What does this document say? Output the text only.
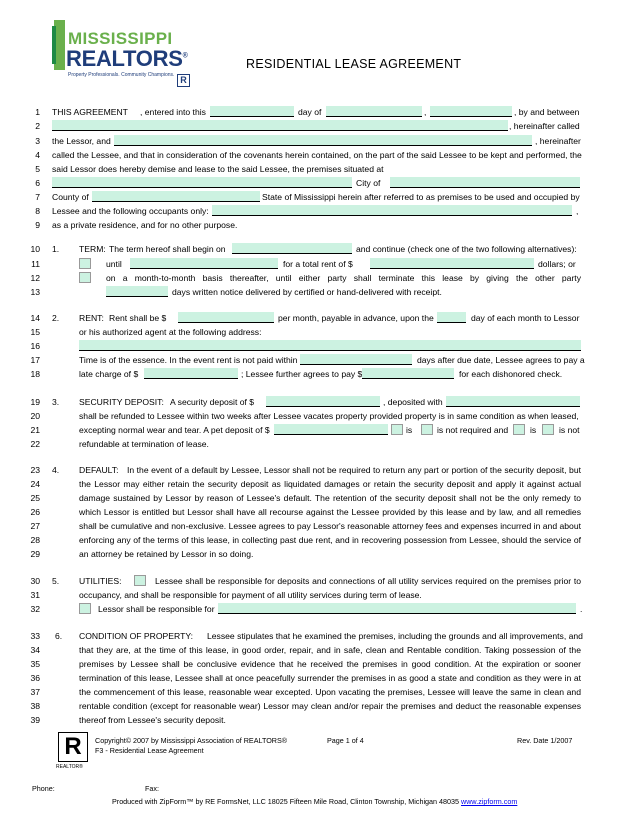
MISSISSIPPI
REALTORS®
Property Professionals. Community Champions. R
RESIDENTIAL LEASE AGREEMENT
1 THIS AGREEMENT , entered into this	day of	,	, by and between
2	, hereinafter called
3 the Lessor, and	, hereinafter
4 called the Lessee, and that in consideration of the covenants herein contained, on the part of the said Lessee to be kept and performed, the
5 said Lessor does hereby demise and lease to the said Lessee, the premises situated at
6	City of
7 County of	State of Mississippi herein after referred to as premises to be used and occupied by
8 Lessee and the following occupants only:	,
9 as a private residence, and for no other purpose.
10 1. TERM: The term hereof shall begin on	and continue (check one of the two following alternatives):
11	until	for a total rent of $	dollars; or
12	on a month-to-month basis thereafter, until either party shall terminate this lease by giving the other party
13	days written notice delivered by certified or hand-delivered with receipt.
14 2. RENT: Rent shall be $	per month, payable in advance, upon the	day of each month to Lessor
15	or his authorized agent at the following address:
16
17	Time is of the essence. In the event rent is not paid within	days after due date, Lessee agrees to pay a
18	late charge of $	; Lessee further agrees to pay $	for each dishonored check.
19 3. SECURITY DEPOSIT: A security deposit of $	, deposited with
20	shall be refunded to Lessee within two weeks after Lessee vacates property provided property is in same condition as when leased,
21	excepting normal wear and tear. A pet deposit of $	is	is not required and	is	is not
22	refundable at termination of lease.
23 4. DEFAULT: In the event of a default by Lessee, Lessor shall not be required to return any part or portion of the security deposit, but
24	the Lessor may either retain the security deposit as liquidated damages or retain the security deposit and apply it against actual
25	damage sustained by Lessor by reason of Lessee's default. The retention of the security deposit shall not be the only remedy to
26	which Lessor is entitled but Lessor shall have all recourse against the Lessee provided by this lease and by law, and all remedies
27	shall be cumulative and non-exclusive. Lessee agrees to pay Lessor's reasonable attorney fees and expenses incurred in and about
28	enforcing any of the terms of this lease, in collecting past due rent, and in recovering possession from Lessee, should the service of
29	an attorney be retained by Lessor in so doing.
30 5. UTILITIES:	Lessee shall be responsible for deposits and connections of all utility services required on the premises prior to
31	occupancy, and shall be responsible for payment of all utility services during term of lease.
32	Lessor shall be responsible for	.
33 6. CONDITION OF PROPERTY: Lessee stipulates that he examined the premises, including the grounds and all improvements, and
34	that they are, at the time of this lease, in good order, repair, and in safe, clean and Rentable condition. Taking possession of the
35	premises by Lessee shall be conclusive evidence that he received the premises in good condition. At the expiration or sooner
36	termination of this lease, Lessee shall at once peacefully surrender the premises in as good a state and condition as they were in at
37	the commencement of this lease, reasonable wear excepted. Upon vacating the premises, Lessee will leave the same in clean and
38	rentable condition (except for reasonable wear) Lessor may clean and/or repair the premises and deduct the reasonable expenses
39	thereof from Lessee's security deposit.
R
REALTOR®
Copyright© 2007 by Mississippi Association of REALTORS®	Page 1 of 4	Rev. Date 1/2007
F3 - Residential Lease Agreement
Phone:	Fax:
Produced with ZipForm™ by RE FormsNet, LLC 18025 Fifteen Mile Road, Clinton Township, Michigan 48035 www.zipform.com
